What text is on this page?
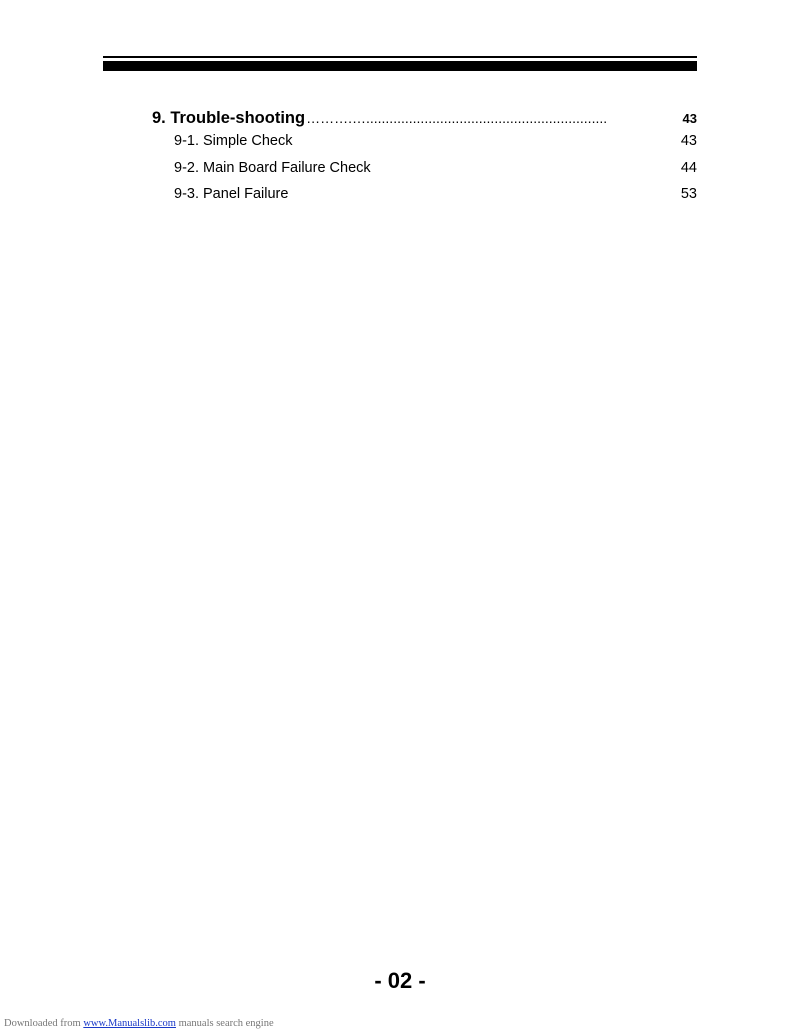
9. Trouble-shooting ……….…..............................................................	43
9-1. Simple Check	43
9-2. Main Board Failure Check	44
9-3. Panel Failure	53
- 02 -
Downloaded from www.Manualslib.com manuals search engine
